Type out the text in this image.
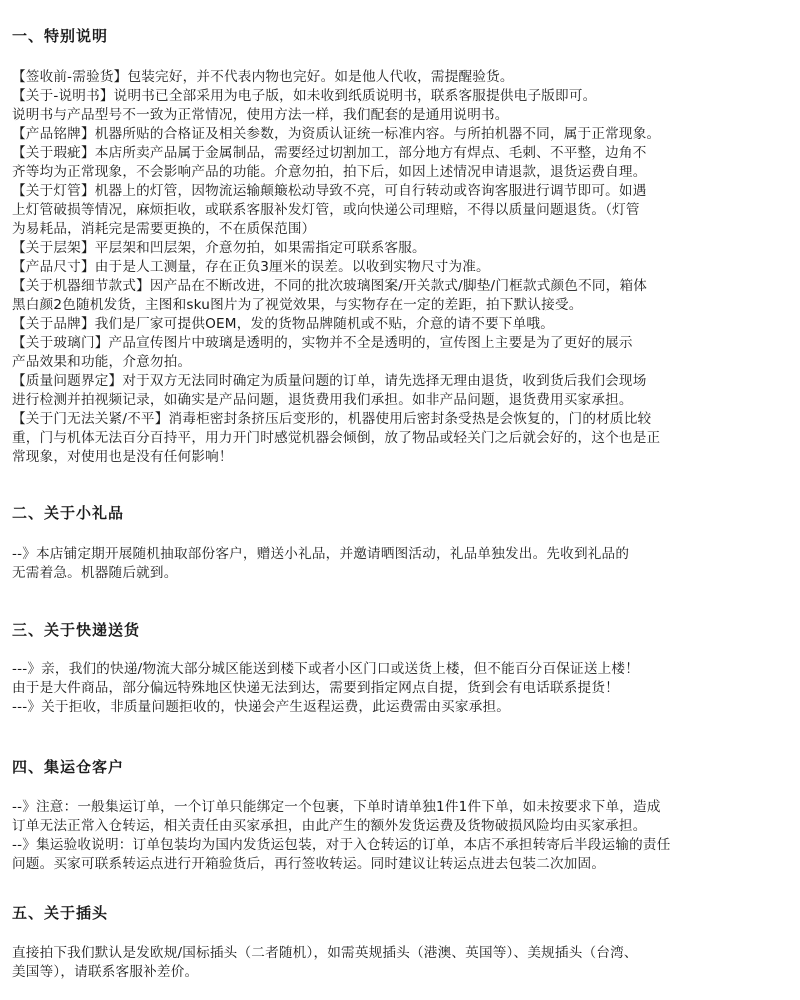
一、特别说明

【签收前-需验货】包装完好，并不代表内物也完好。如是他人代收，需提醒验货。

【关于-说明书】说明书已全部采用为电子版，如未收到纸质说明书，联系客服提供电子版即可。
说明书与产品型号不一致为正常情况，使用方法一样，我们配套的是通用说明书。

【产品铭牌】机器所贴的合格证及相关参数，为资质认证统一标准内容。与所拍机器不同，属于正常现象。

【关于瑕疵】本店所卖产品属于金属制品，需要经过切割加工，部分地方有焊点、毛刺、不平整，边角不
齐等均为正常现象，不会影响产品的功能。介意勿拍，拍下后，如因上述情况申请退款，退货运费自理。

【关于灯管】机器上的灯管，因物流运输颠簸松动导致不亮，可自行转动或咨询客服进行调节即可。如遇
上灯管破损等情况，麻烦拒收，或联系客服补发灯管，或向快递公司理赔，不得以质量问题退货。（灯管
为易耗品，消耗完是需要更换的，不在质保范围）

【关于层架】平层架和凹层架，介意勿拍，如果需指定可联系客服。

【产品尺寸】由于是人工测量，存在正负3厘米的误差。以收到实物尺寸为准。

【关于机器细节款式】因产品在不断改进，不同的批次玻璃图案/开关款式/脚垫/门框款式颜色不同，箱体
黑白颜2色随机发货，主图和sku图片为了视觉效果，与实物存在一定的差距，拍下默认接受。

【关于品牌】我们是厂家可提供OEM，发的货物品牌随机或不贴，介意的请不要下单哦。

【关于玻璃门】产品宣传图片中玻璃是透明的，实物并不全是透明的，宣传图上主要是为了更好的展示
产品效果和功能，介意勿拍。

【质量问题界定】对于双方无法同时确定为质量问题的订单，请先选择无理由退货，收到货后我们会现场
进行检测并拍视频记录，如确实是产品问题，退货费用我们承担。如非产品问题，退货费用买家承担。

【关于门无法关紧/不平】消毒柜密封条挤压后变形的，机器使用后密封条受热是会恢复的，门的材质比较
重，门与机体无法百分百持平，用力开门时感觉机器会倾倒，放了物品或轻关门之后就会好的，这个也是正
常现象，对使用也是没有任何影响！

二、关于小礼品

--》本店铺定期开展随机抽取部份客户，赠送小礼品，并邀请晒图活动，礼品单独发出。先收到礼品的
无需着急。机器随后就到。

三、关于快递送货

---》亲，我们的快递/物流大部分城区能送到楼下或者小区门口或送货上楼，但不能百分百保证送上楼！
由于是大件商品，部分偏远特殊地区快递无法到达，需要到指定网点自提，货到会有电话联系提货！
---》关于拒收，非质量问题拒收的，快递会产生返程运费，此运费需由买家承担。

四、集运仓客户

--》注意：一般集运订单，一个订单只能绑定一个包裹，下单时请单独1件1件下单，如未按要求下单，造成
订单无法正常入仓转运，相关责任由买家承担，由此产生的额外发货运费及货物破损风险均由买家承担。
--》集运验收说明：订单包装均为国内发货运包装，对于入仓转运的订单，本店不承担转寄后半段运输的责任
问题。买家可联系转运点进行开箱验货后，再行签收转运。同时建议让转运点进去包装二次加固。

五、关于插头

直接拍下我们默认是发欧规/国标插头（二者随机），如需英规插头（港澳、英国等）、美规插头（台湾、
美国等），请联系客服补差价。
